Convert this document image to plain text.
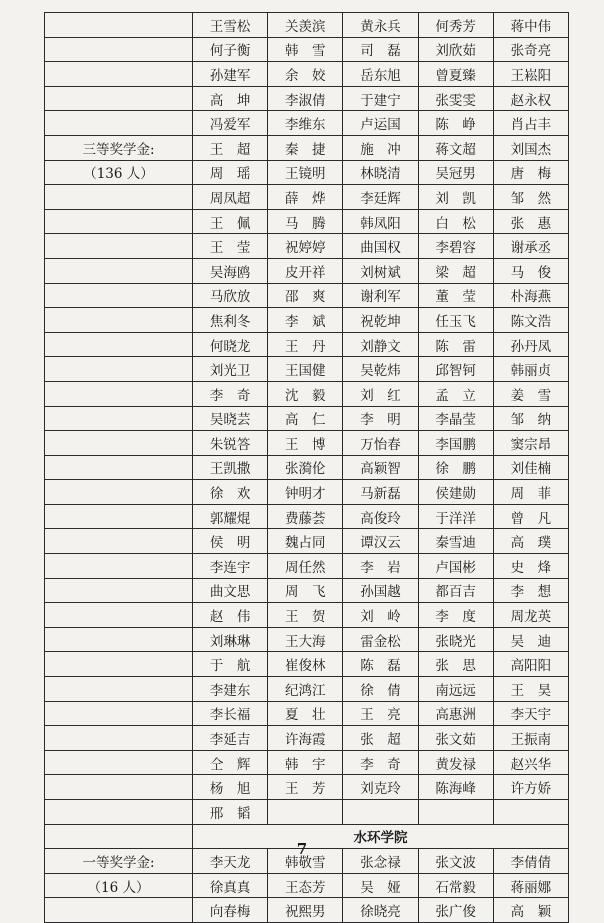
	王雪松	关羡滨	黄永兵	何秀芳	蒋中伟
	何子衡	韩　雪	司　磊	刘欣茹	张奇亮
	孙建军	余　姣	岳东旭	曾夏臻	王崧阳
	高　坤	李淑倩	于建宁	张雯雯	赵永权
	冯爱军	李维东	卢运国	陈　峥	肖占丰
三等奖学金:	王　超	秦　捷	施　冲	蒋文超	刘国杰
（136 人）	周　瑶	王镜明	林晓清	吴冠男	唐　梅
	周凤超	薛　烨	李廷辉	刘　凯	邹　然
	王　佩	马　腾	韩凤阳	白　松	张　惠
	王　莹	祝婷婷	曲国权	李碧容	谢承丞
	吴海鸥	皮开祥	刘树斌	梁　超	马　俊
	马欣放	邵　爽	谢利军	董　莹	朴海燕
	焦利冬	李　斌	祝乾坤	任玉飞	陈文浩
	何晓龙	王　丹	刘静文	陈　雷	孙丹凤
	刘光卫	王国健	吴乾炜	邱智钶	韩丽贞
	李　奇	沈　毅	刘　红	孟　立	姜　雪
	吴晓芸	高　仁	李　明	李晶莹	邹　纳
	朱锐答	王　博	万怡春	李国鹏	窦宗昂
	王凯撒	张漪伦	高颖智	徐　鹏	刘佳楠
	徐　欢	钟明才	马新磊	侯建勋	周　菲
	郭耀焜	费藤荟	高俊玲	于洋洋	曾　凡
	侯　明	魏占同	谭汉云	秦雪迪	高　璞
	李连宇	周任然	李　岩	卢国彬	史　烽
	曲文思	周　飞	孙国越	都百吉	李　想
	赵　伟	王　贺	刘　岭	李　度	周龙英
	刘琳琳	王大海	雷金松	张晓光	吴　迪
	于　航	崔俊林	陈　磊	张　思	高阳阳
	李建东	纪鸿江	徐　倩	南远远	王　昊
	李长福	夏　壮	王　亮	高惠洲	李天宇
	李延吉	许海霞	张　超	张文茹	王振南
	仝　辉	韩　宇	李　奇	黄发禄	赵兴华
	杨　旭	王　芳	刘克玲	陈海峰	许方娇
	邢　韬				
	水环学院				
一等奖学金:	李天龙	韩敬雪	张念禄	张文波	李倩倩
（16 人）	徐真真	王态芳	吴　娅	石常毅	蒋丽娜
	向春梅	祝熙男	徐晓亮	张广俊	高　颖
7
